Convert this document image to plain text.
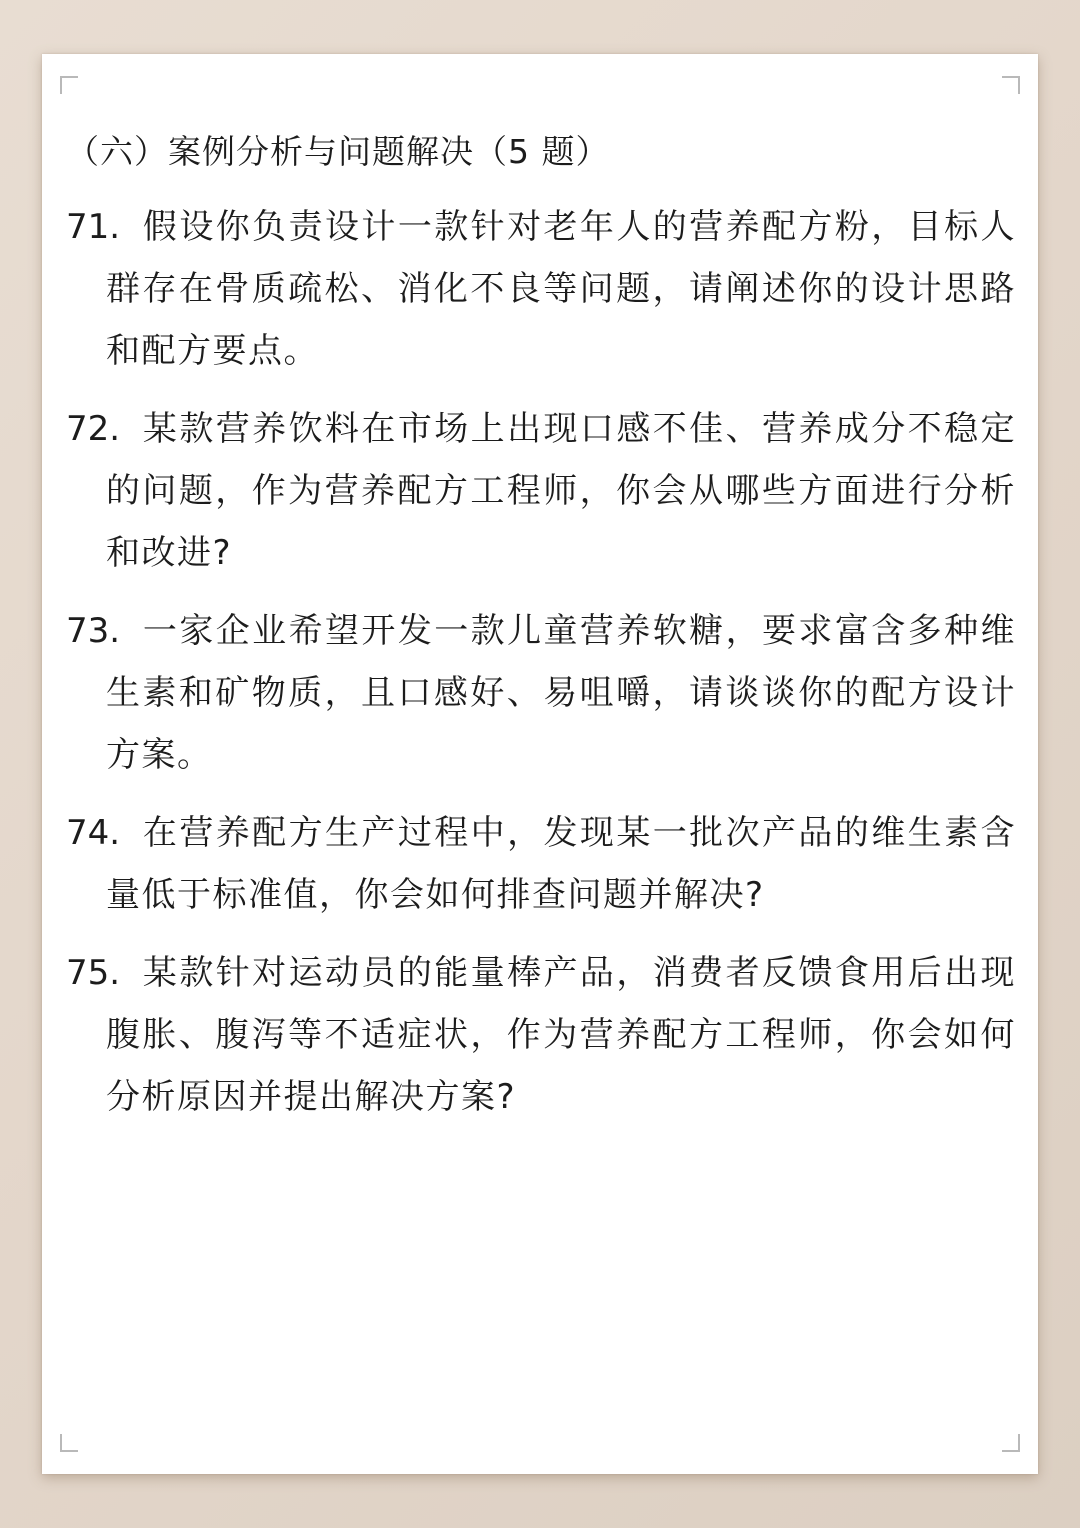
（六）案例分析与问题解决（5 题）
71. 假设你负责设计一款针对老年人的营养配方粉，目标人群存在骨质疏松、消化不良等问题，请阐述你的设计思路和配方要点。
72. 某款营养饮料在市场上出现口感不佳、营养成分不稳定的问题，作为营养配方工程师，你会从哪些方面进行分析和改进?
73. 一家企业希望开发一款儿童营养软糖，要求富含多种维生素和矿物质，且口感好、易咀嚼，请谈谈你的配方设计方案。
74. 在营养配方生产过程中，发现某一批次产品的维生素含量低于标准值，你会如何排查问题并解决?
75. 某款针对运动员的能量棒产品，消费者反馈食用后出现腹胀、腹泻等不适症状，作为营养配方工程师，你会如何分析原因并提出解决方案?
